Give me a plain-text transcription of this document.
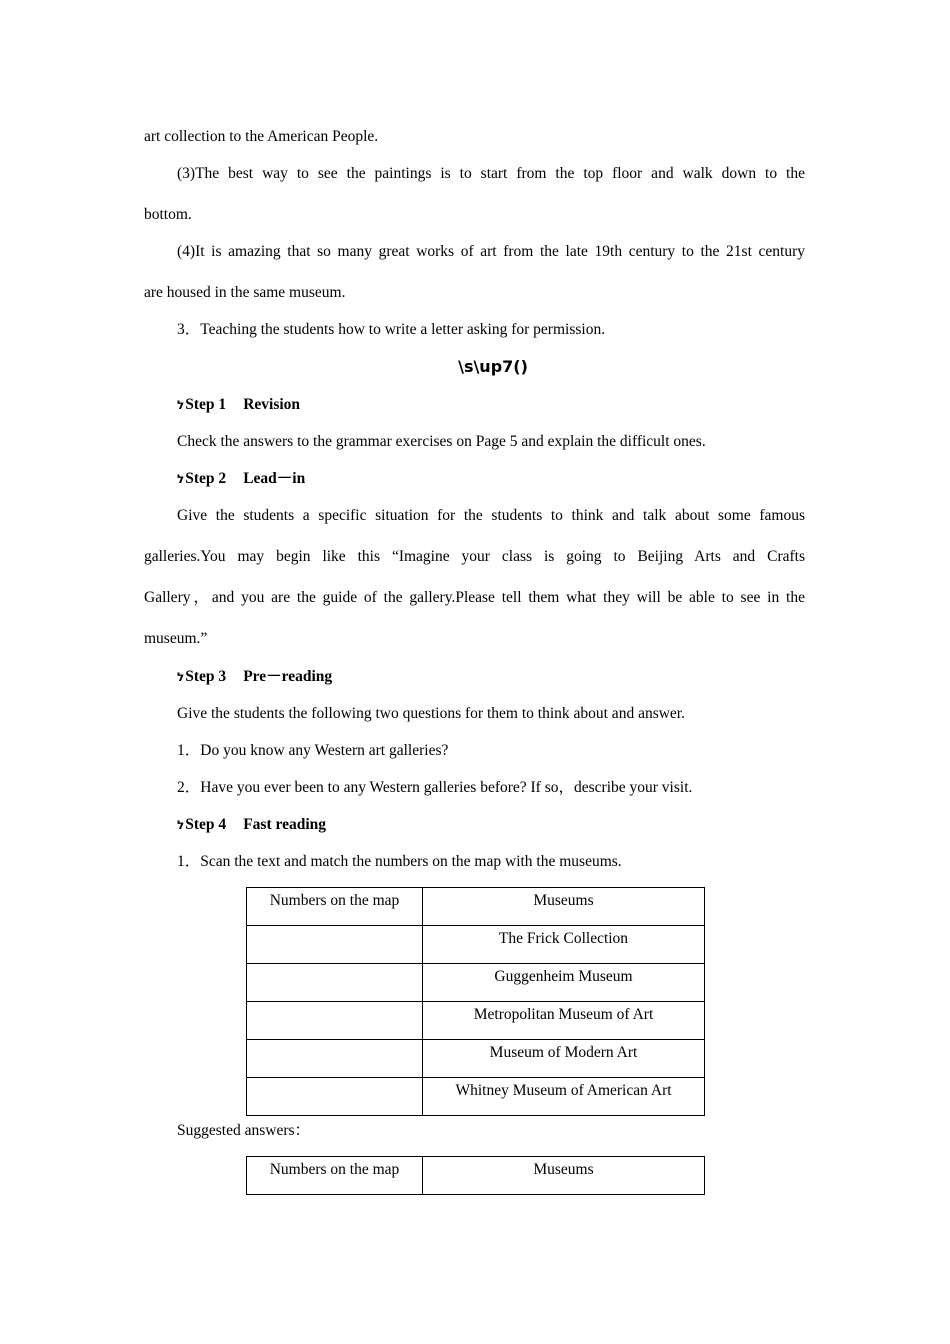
art collection to the American People.
(3)The best way to see the paintings is to start from the top floor and walk down to the
bottom.
(4)It is amazing that so many great works of art from the late 19th century to the 21st century
are housed in the same museum.
3．Teaching the students how to write a letter asking for permission.
\s\up7()
לStep 1 Revision
Check the answers to the grammar exercises on Page 5 and explain the difficult ones.
לStep 2 Lead－in
Give the students a specific situation for the students to think and talk about some famous
galleries.You may begin like this “Imagine your class is going to Beijing Arts and Crafts
Gallery，and you are the guide of the gallery.Please tell them what they will be able to see in the
museum.”
לStep 3 Pre－reading
Give the students the following two questions for them to think about and answer.
1．Do you know any Western art galleries?
2．Have you ever been to any Western galleries before? If so，describe your visit.
לStep 4 Fast reading
1．Scan the text and match the numbers on the map with the museums.
Numbers on the map	Museums
	The Frick Collection
	Guggenheim Museum
	Metropolitan Museum of Art
	Museum of Modern Art
	Whitney Museum of American Art
Suggested answers：
Numbers on the map	Museums
